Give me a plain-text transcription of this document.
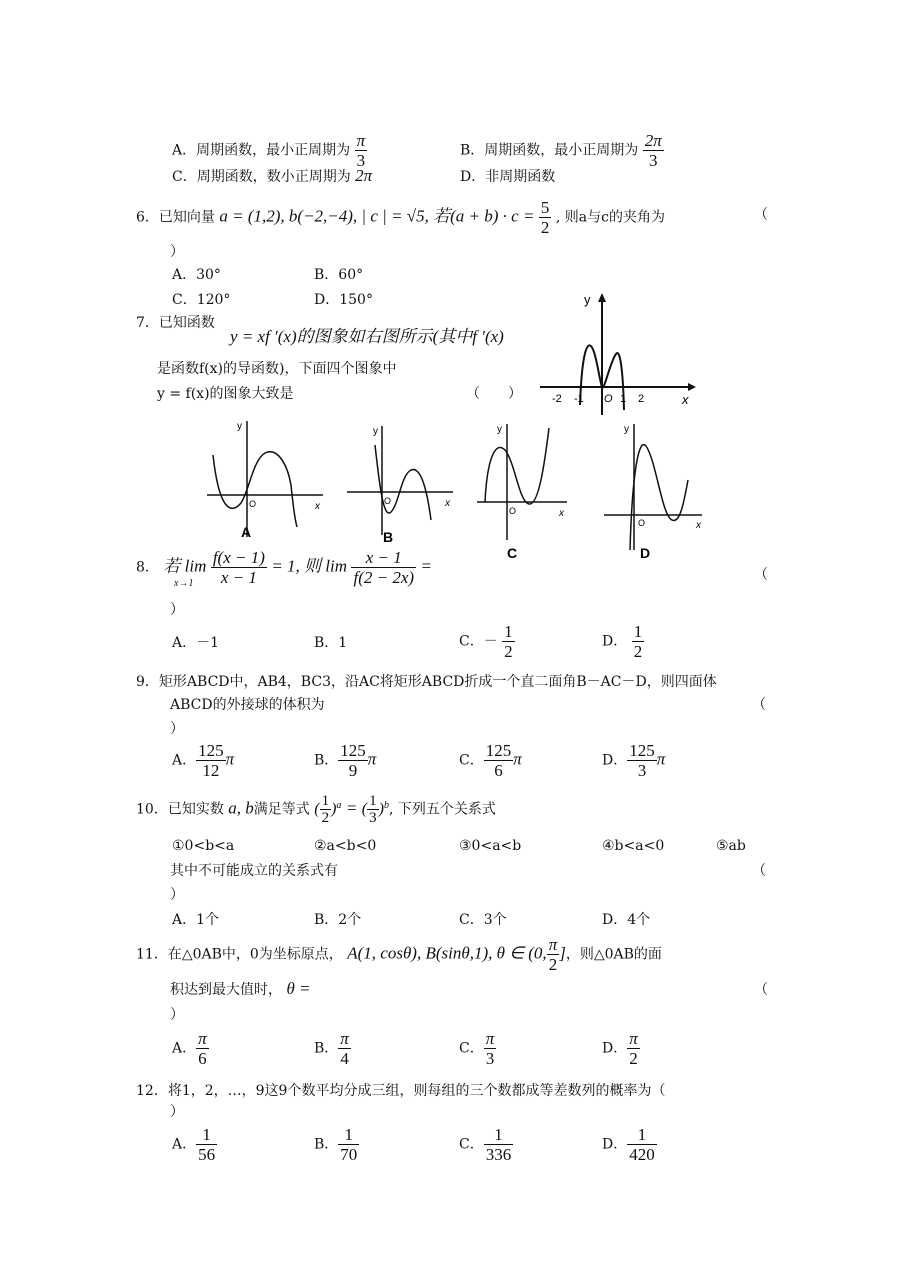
A．周期函数，最小正周期为 $\frac{\pi}{3}$	B．周期函数，最小正周期为 $\frac{2\pi}{3}$
C．周期函数，数小正周期为 2π	D．非周期函数
6．已知向量 a = (1,2), b(−2,−4), | c | = √5, 若$(a + b) \cdot c = \frac{5}{2}$ , 则a与c的夹角为	（
）
A．30°	B．60°
C．120°	D．150°
7．已知函数
y = xf ′(x)的图象如右图所示(其中f ′(x)
是函数f(x)的导函数)，下面四个图象中
y = f(x)的图象大致是	（　　）
y
x
-2 -1 O 1 2
x
y
O
A
x
y
O
B
x
y
O
C
x
y
O
D
8． 若 $\lim \frac{f(x - 1)}{x - 1} = 1$, 则 $\lim \frac{x - 1}{f(2 - 2x)}$ =
x→1
（
）
A．－1	B．1	C．－ $\frac{1}{2}$	D． $\frac{1}{2}$
9．矩形ABCD中，AB4，BC3，沿AC将矩形ABCD折成一个直二面角B－AC－D，则四面体
ABCD的外接球的体积为	（
）
A． $\frac{125}{12}$ π	B． $\frac{125}{9}$ π	C． $\frac{125}{6}$ π	D． $\frac{125}{3}$ π
10．已知实数 a, b满足等式 ( $\frac{1}{2} )^a$ = ( $\frac{1}{3} )^b$, 下列五个关系式
①0<b<a	②a<b<0	③0<a<b	④b<a<0	⑤ab
其中不可能成立的关系式有	（
）
A．1个	B．2个	C．3个	D．4个
11．在△0AB中，0为坐标原点， A(1, cosθ), B(sinθ,1), θ ∈ (0, $\frac{\pi}{2}$ ]，则△0AB的面
积达到最大值时， θ =	（
）
A． $\frac{\pi}{6}$	B． $\frac{\pi}{4}$	C． $\frac{\pi}{3}$	D． $\frac{\pi}{2}$
12．将1，2，…，9这9个数平均分成三组，则每组的三个数都成等差数列的概率为（
）
A． $\frac{1}{56}$	B． $\frac{1}{70}$	C． $\frac{1}{336}$	D． $\frac{1}{420}$
